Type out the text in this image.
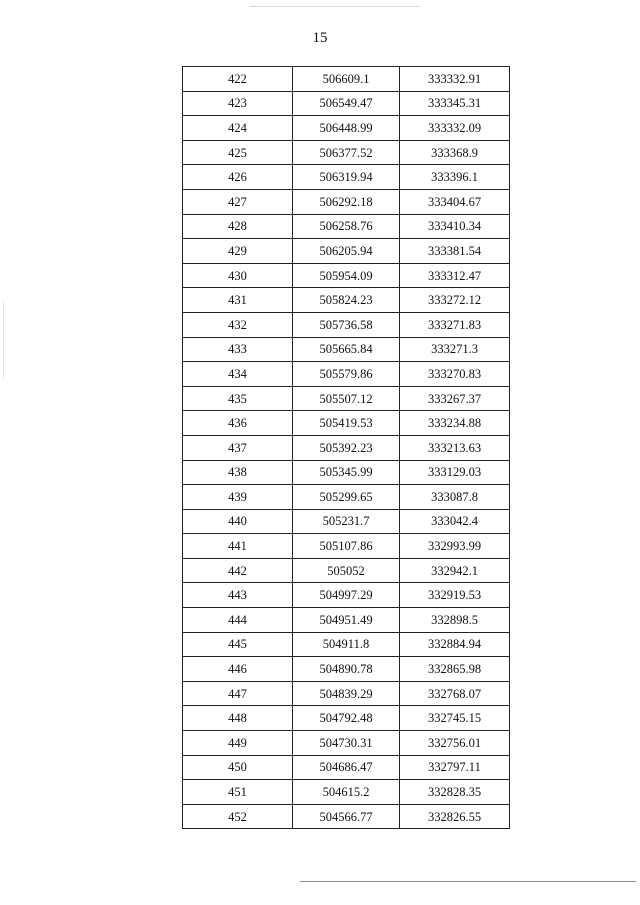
15
422	506609.1	333332.91
423	506549.47	333345.31
424	506448.99	333332.09
425	506377.52	333368.9
426	506319.94	333396.1
427	506292.18	333404.67
428	506258.76	333410.34
429	506205.94	333381.54
430	505954.09	333312.47
431	505824.23	333272.12
432	505736.58	333271.83
433	505665.84	333271.3
434	505579.86	333270.83
435	505507.12	333267.37
436	505419.53	333234.88
437	505392.23	333213.63
438	505345.99	333129.03
439	505299.65	333087.8
440	505231.7	333042.4
441	505107.86	332993.99
442	505052	332942.1
443	504997.29	332919.53
444	504951.49	332898.5
445	504911.8	332884.94
446	504890.78	332865.98
447	504839.29	332768.07
448	504792.48	332745.15
449	504730.31	332756.01
450	504686.47	332797.11
451	504615.2	332828.35
452	504566.77	332826.55
